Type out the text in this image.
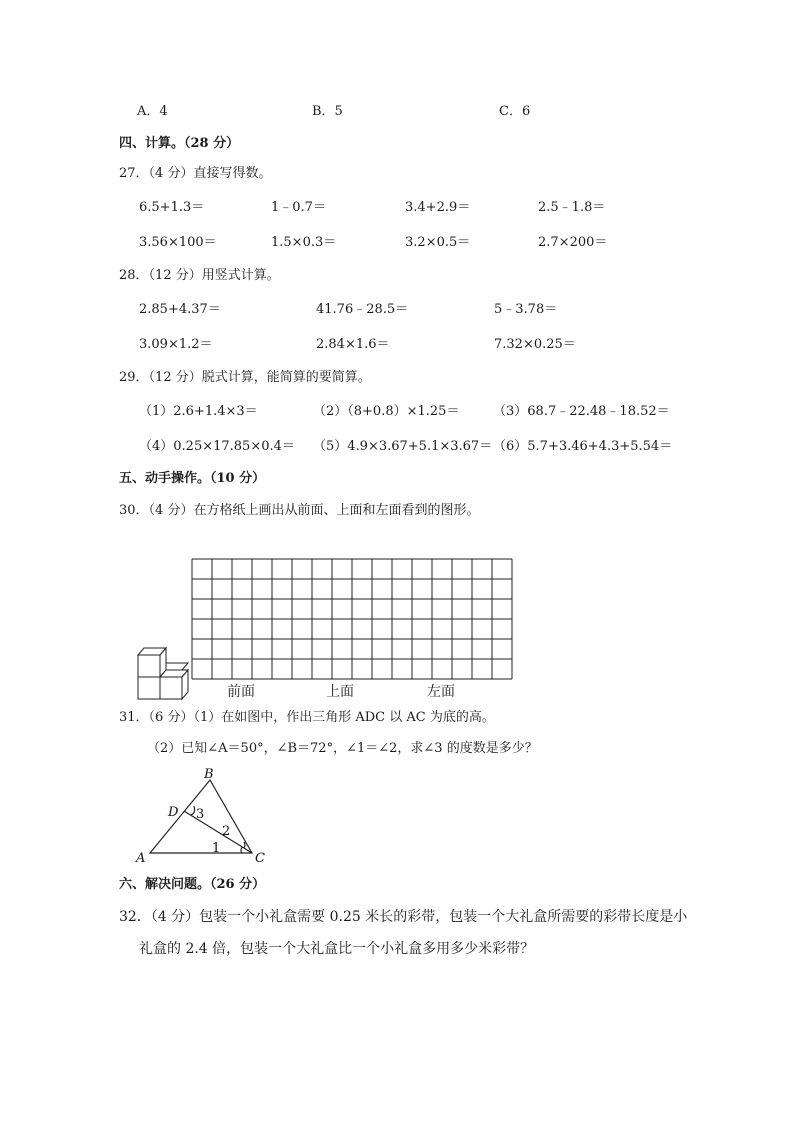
A．4	B．5	C．6
四、计算。（28 分）
27．（4 分）直接写得数。
6.5+1.3＝	1﹣0.7＝	3.4+2.9＝	2.5﹣1.8＝
3.56×100＝	1.5×0.3＝	3.2×0.5＝	2.7×200＝
28．（12 分）用竖式计算。
2.85+4.37＝	41.76﹣28.5＝	5﹣3.78＝
3.09×1.2＝	2.84×1.6＝	7.32×0.25＝
29．（12 分）脱式计算，能简算的要简算。
（1）2.6+1.4×3＝	（2）（8+0.8）×1.25＝	（3）68.7﹣22.48﹣18.52＝
（4）0.25×17.85×0.4＝ （5）4.9×3.67+5.1×3.67＝ （6）5.7+3.46+4.3+5.54＝
五、动手操作。（10 分）
30．（4 分）在方格纸上画出从前面、上面和左面看到的图形。
前面	上面	左面
31．（6 分）（1）在如图中，作出三角形 ADC 以 AC 为底的高。
（2）已知∠A＝50°，∠B＝72°，∠1＝∠2，求∠3 的度数是多少？
A
B
C
D
1
2
3
六、解决问题。（26 分）
32．（4 分）包装一个小礼盒需要 0.25 米长的彩带，包装一个大礼盒所需要的彩带长度是小
礼盒的 2.4 倍，包装一个大礼盒比一个小礼盒多用多少米彩带？
